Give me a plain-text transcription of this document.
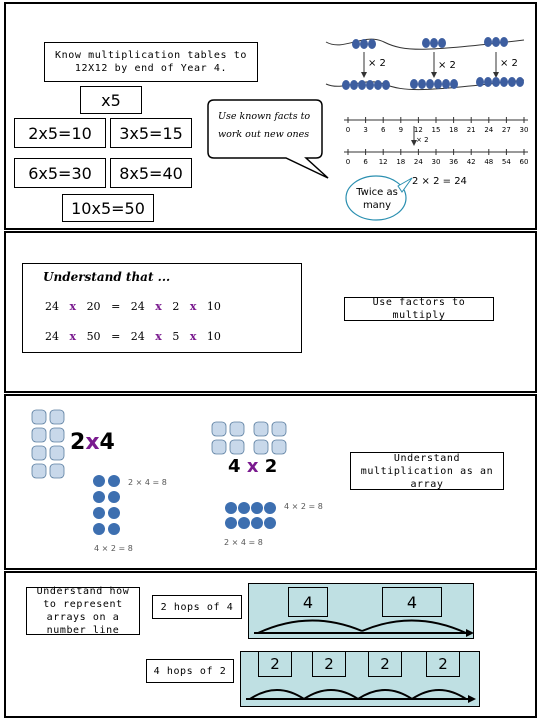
Know multiplication tables to 12X12 by end of Year 4.
x5
2x5=10	3x5=15
6x5=30	8x5=40
10x5=50
Use known facts to work out new ones
× 2	× 2	× 2
0	3	6	9	12 15 18 21 24 27 30
0	6	12 18 24 30 36 42 48 54 60
× 2
2 × 2 = 24
Twice as many
Understand that ...
24 x 20 = 24 x 2 x 10
24 x 50 = 24 x 5 x 10
Use factors to multiply
2x4
2 × 4 = 8
4 × 2 = 8
4 x 2
4 × 2 = 8
2 × 4 = 8
Understand multiplication as an array
Understand how to represent arrays on a number line
2 hops of 4
4 hops of 2
4	4
2	2	2	2
